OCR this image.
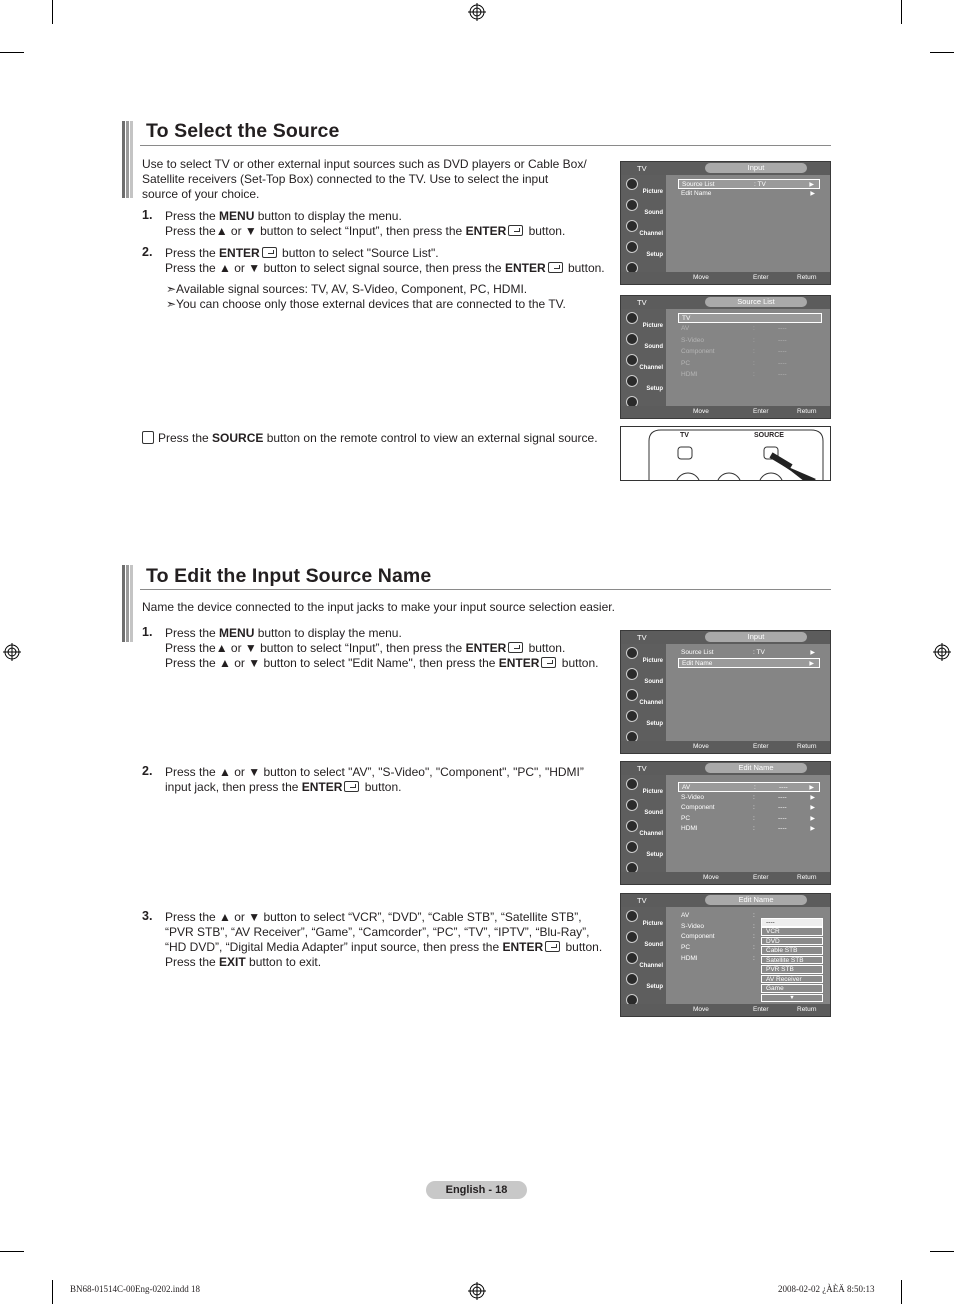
To Select the Source
Use to select TV or other external input sources such as DVD players or Cable Box/ Satellite receivers (Set-Top Box) connected to the TV. Use to select the input source of your choice.
1. Press the MENU button to display the menu.
Press the▲ or ▼ button to select “Input”, then press the ENTER button.
2. Press the ENTER button to select "Source List".
Press the ▲ or ▼ button to select signal source, then press the ENTER button.
➣Available signal sources: TV, AV, S-Video, Component, PC, HDMI.
➣You can choose only those external devices that are connected to the TV.
Press the SOURCE button on the remote control to view an external signal source.
TV	Input
Picture
Sound
Channel
Setup
Source List	: TV	▶
Edit Name	▶
Move	Enter	Return
TV	Source List
Picture
Sound
Channel
Setup
TV
AV	:	----
S-Video	:	----
Component	:	----
PC	:	----
HDMI	:	----
Move	Enter	Return
TV	SOURCE
To Edit the Input Source Name
Name the device connected to the input jacks to make your input source selection easier.
1. Press the MENU button to display the menu.
Press the▲ or ▼ button to select “Input”, then press the ENTER button.
Press the ▲ or ▼ button to select "Edit Name", then press the ENTER button.
2. Press the ▲ or ▼ button to select "AV”, "S-Video", "Component", "PC", "HDMI”
input jack, then press the ENTER button.
3. Press the ▲ or ▼ button to select “VCR”, “DVD”, “Cable STB”, “Satellite STB”,
“PVR STB”, “AV Receiver”, “Game”, “Camcorder”, “PC”, “TV”, “IPTV”, “Blu-Ray”,
“HD DVD”, “Digital Media Adapter” input source, then press the ENTER button.
Press the EXIT button to exit.
TV	Input
Picture
Sound
Channel
Setup
Source List	: TV	▶
Edit Name	▶
Move	Enter	Return
TV	Edit Name
Picture
Sound
Channel
Setup
AV	:	----	▶
S-Video	:	----	▶
Component	:	----	▶
PC	:	----	▶
HDMI	:	----	▶
Move	Enter	Return
TV	Edit Name
Picture
Sound
Channel
Setup
AV	:
S-Video	:
Component	:
PC	:
HDMI	:
----
VCR
DVD
Cable STB
Satellite STB
PVR STB
AV Receiver
Game
▼
Move	Enter	Return
English - 18
BN68-01514C-00Eng-0202.indd 18	2008-02-02 ¿ÀÈÄ 8:50:13
